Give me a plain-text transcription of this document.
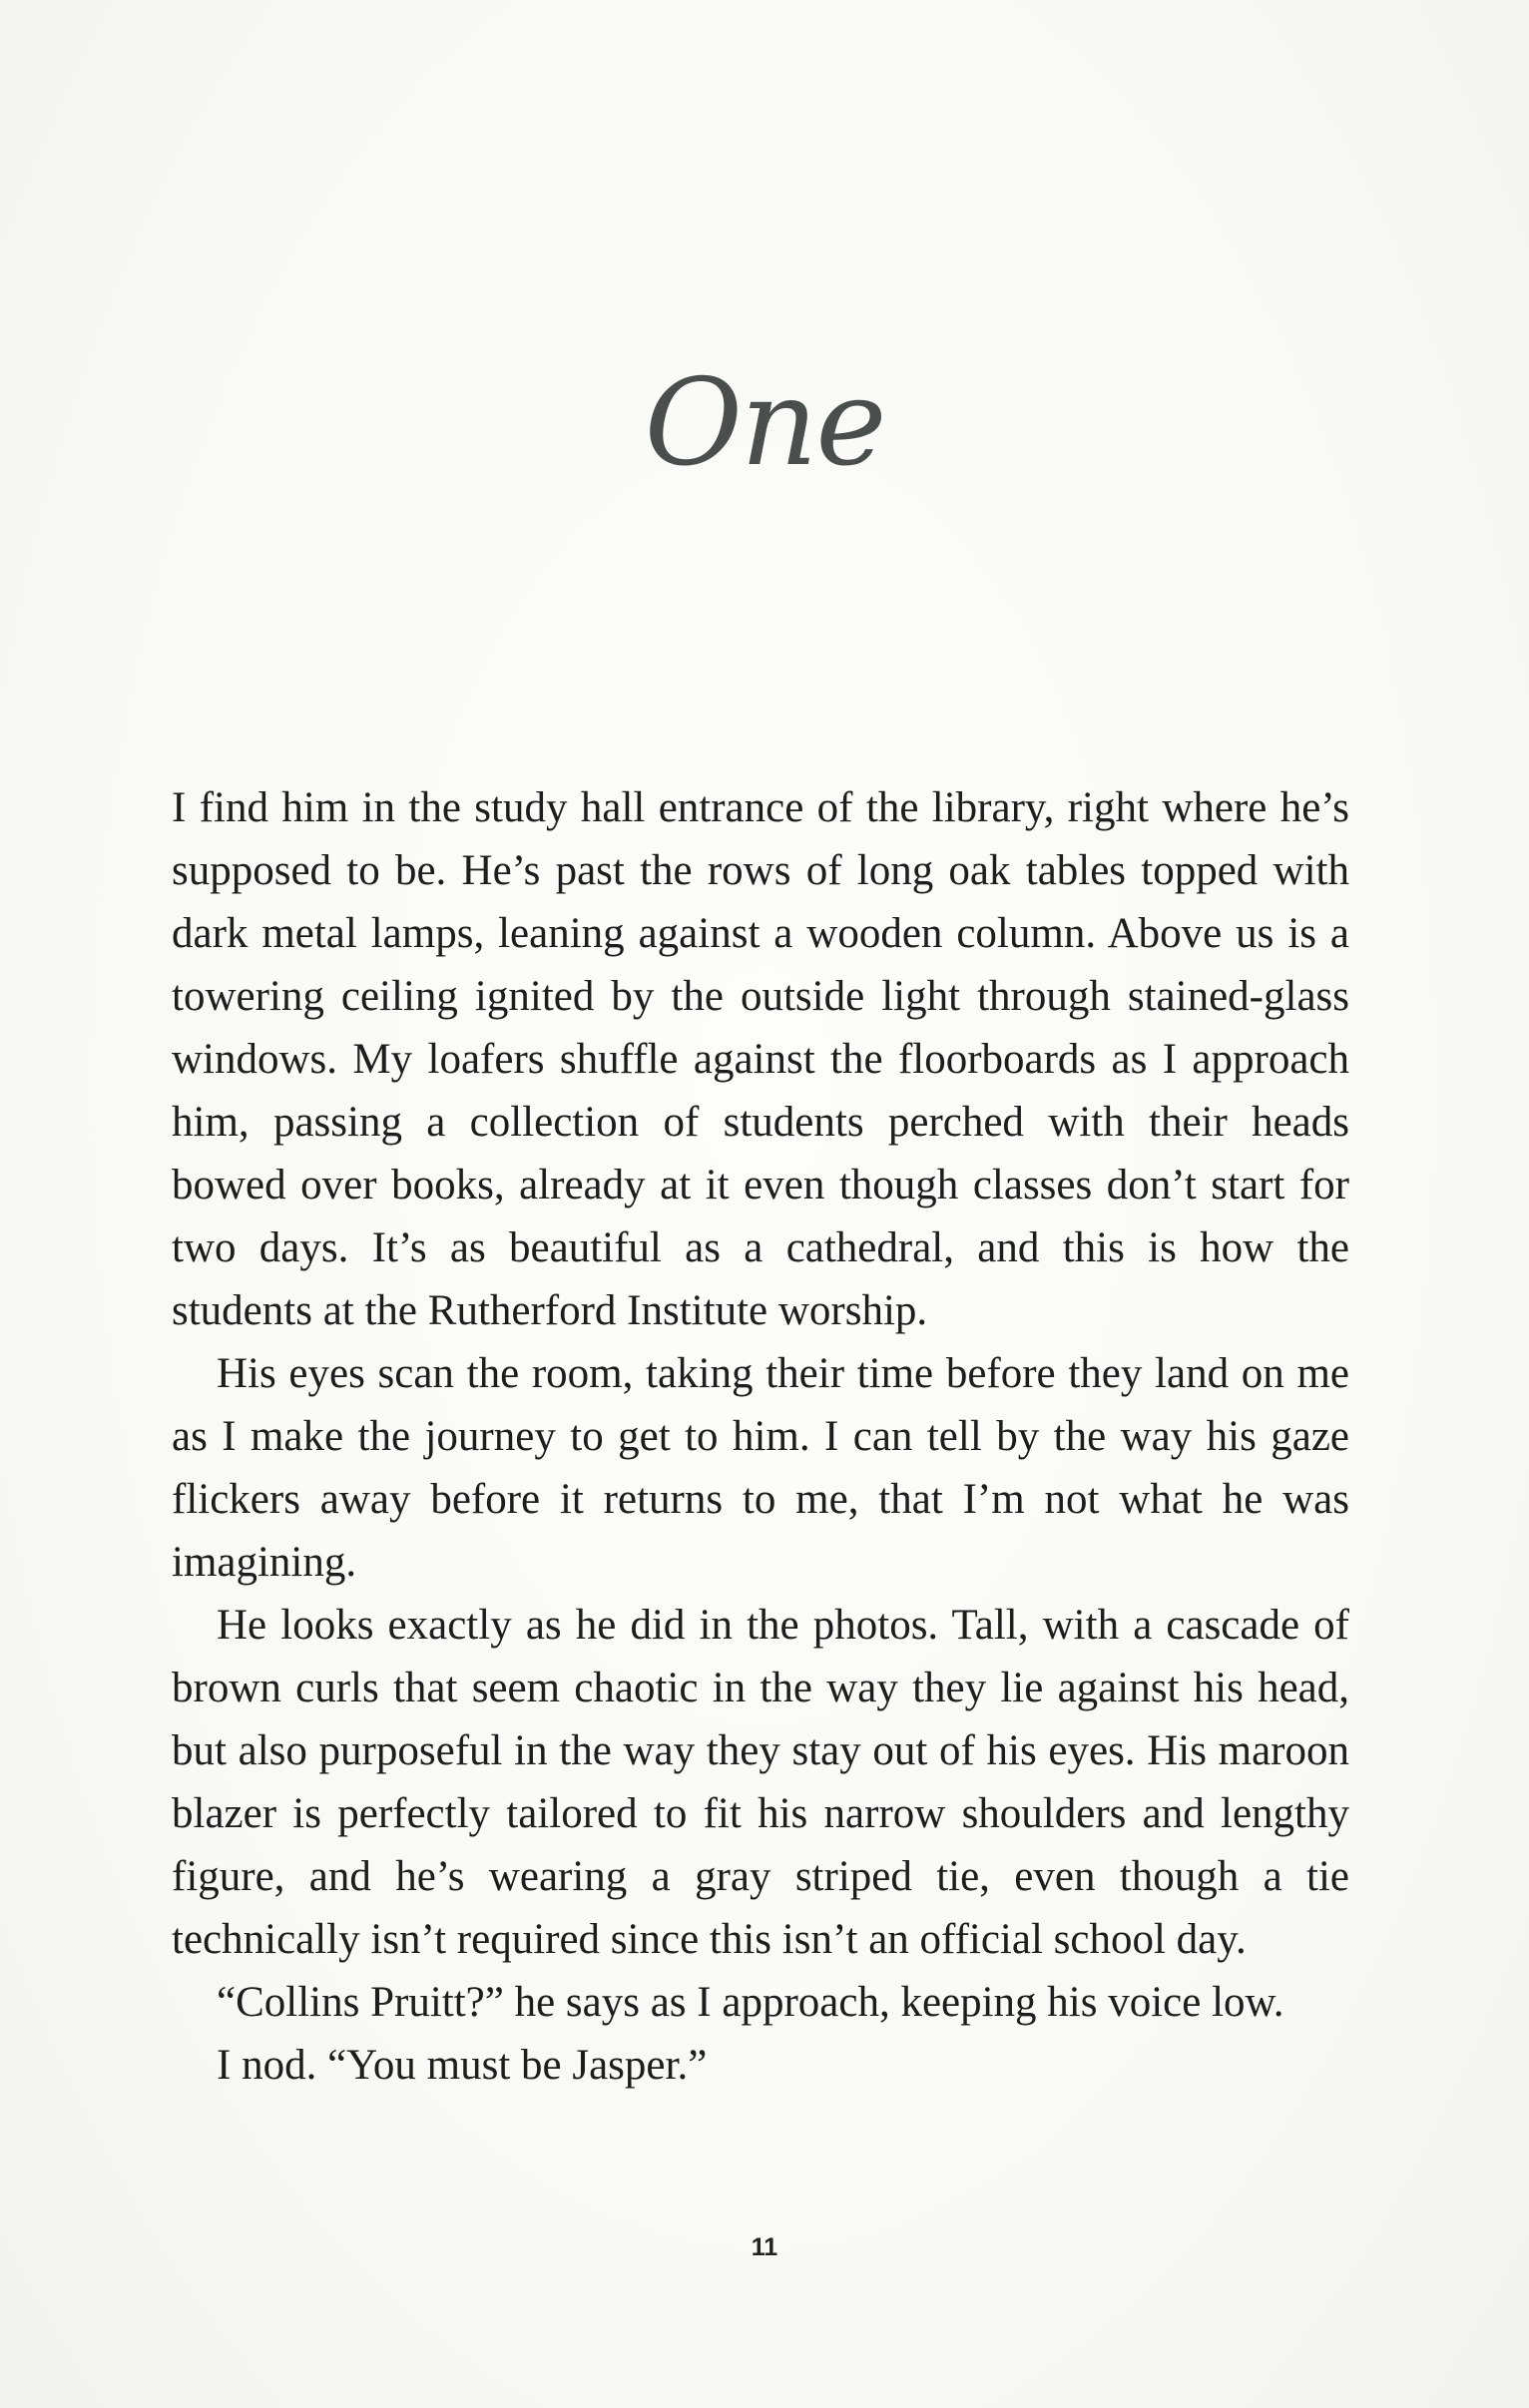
One

I find him in the study hall entrance of the library, right where he’s supposed to be. He’s past the rows of long oak tables topped with dark metal lamps, leaning against a wooden column. Above us is a towering ceiling ignited by the outside light through stained-glass windows. My loafers shuffle against the floorboards as I approach him, passing a collection of students perched with their heads bowed over books, already at it even though classes don’t start for two days. It’s as beautiful as a cathedral, and this is how the students at the Rutherford Institute worship.

His eyes scan the room, taking their time before they land on me as I make the journey to get to him. I can tell by the way his gaze flickers away before it returns to me, that I’m not what he was imagining.

He looks exactly as he did in the photos. Tall, with a cascade of brown curls that seem chaotic in the way they lie against his head, but also purposeful in the way they stay out of his eyes. His maroon blazer is perfectly tailored to fit his narrow shoulders and lengthy figure, and he’s wearing a gray striped tie, even though a tie technically isn’t required since this isn’t an official school day.

“Collins Pruitt?” he says as I approach, keeping his voice low.

I nod. “You must be Jasper.”

11
